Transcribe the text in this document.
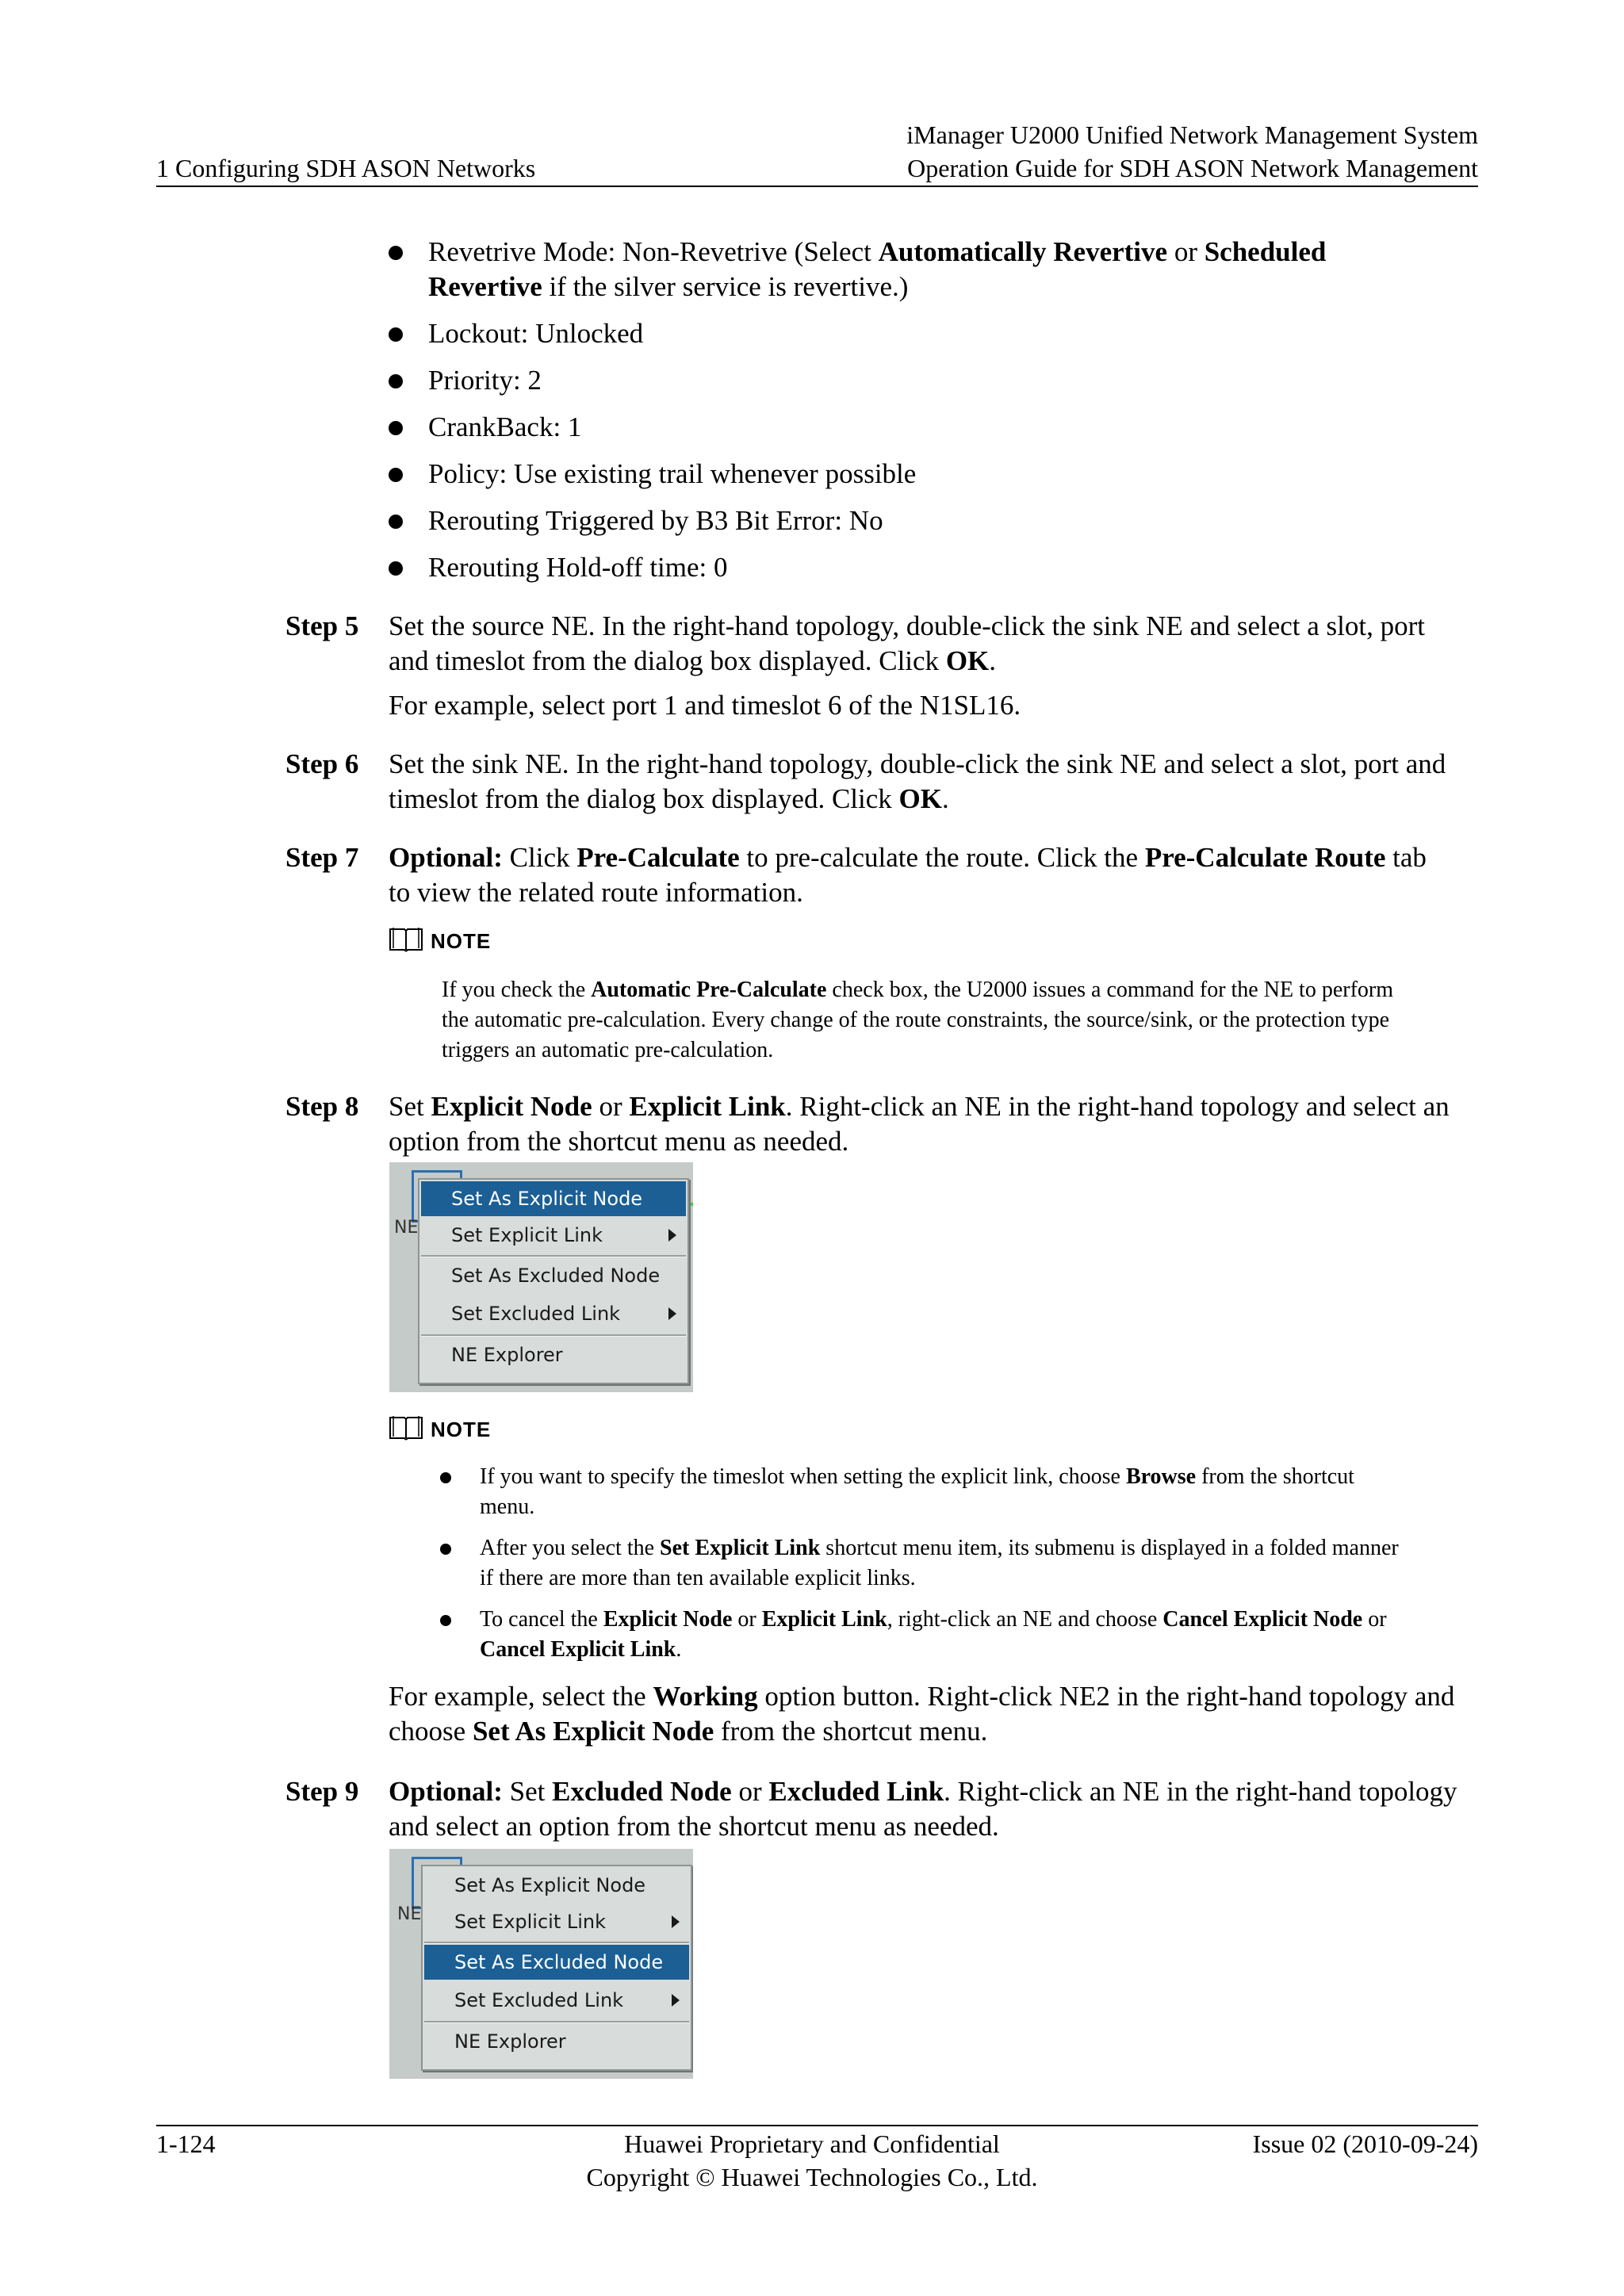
iManager U2000 Unified Network Management System
1 Configuring SDH ASON Networks	Operation Guide for SDH ASON Network Management
Revetrive Mode: Non-Revetrive (Select Automatically Revertive or Scheduled
Revertive if the silver service is revertive.)
Lockout: Unlocked
Priority: 2
CrankBack: 1
Policy: Use existing trail whenever possible
Rerouting Triggered by B3 Bit Error: No
Rerouting Hold-off time: 0
Step 5 Set the source NE. In the right-hand topology, double-click the sink NE and select a slot, port
and timeslot from the dialog box displayed. Click OK.
For example, select port 1 and timeslot 6 of the N1SL16.
Step 6 Set the sink NE. In the right-hand topology, double-click the sink NE and select a slot, port and
timeslot from the dialog box displayed. Click OK.
Step 7 Optional: Click Pre-Calculate to pre-calculate the route. Click the Pre-Calculate Route tab
to view the related route information.
NOTE
If you check the Automatic Pre-Calculate check box, the U2000 issues a command for the NE to perform
the automatic pre-calculation. Every change of the route constraints, the source/sink, or the protection type
triggers an automatic pre-calculation.
Step 8 Set Explicit Node or Explicit Link. Right-click an NE in the right-hand topology and select an
option from the shortcut menu as needed.
NE
Set As Explicit Node
Set Explicit Link
Set As Excluded Node
Set Excluded Link
NE Explorer
NOTE
If you want to specify the timeslot when setting the explicit link, choose Browse from the shortcut
menu.
After you select the Set Explicit Link shortcut menu item, its submenu is displayed in a folded manner
if there are more than ten available explicit links.
To cancel the Explicit Node or Explicit Link, right-click an NE and choose Cancel Explicit Node or
Cancel Explicit Link.
For example, select the Working option button. Right-click NE2 in the right-hand topology and
choose Set As Explicit Node from the shortcut menu.
Step 9 Optional: Set Excluded Node or Excluded Link. Right-click an NE in the right-hand topology
and select an option from the shortcut menu as needed.
NE
Set As Explicit Node
Set Explicit Link
Set As Excluded Node
Set Excluded Link
NE Explorer
1-124	Huawei Proprietary and Confidential
Copyright © Huawei Technologies Co., Ltd.
Issue 02 (2010-09-24)
